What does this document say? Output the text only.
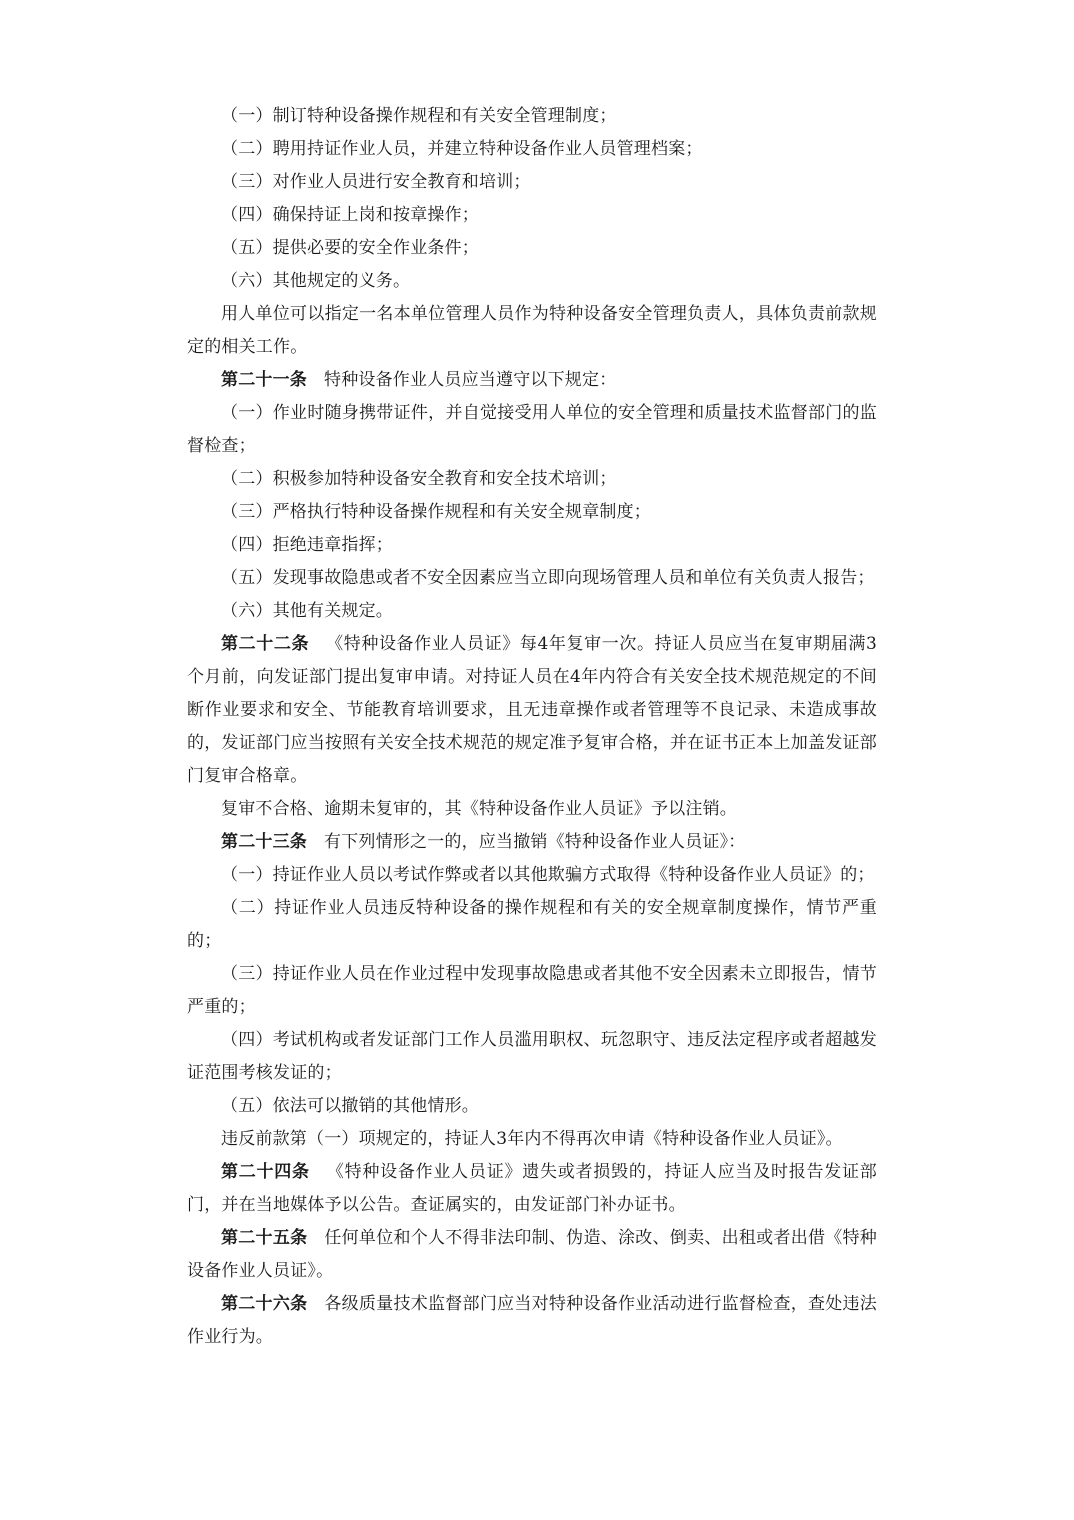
（一）制订特种设备操作规程和有关安全管理制度；

（二）聘用持证作业人员，并建立特种设备作业人员管理档案；

（三）对作业人员进行安全教育和培训；

（四）确保持证上岗和按章操作；

（五）提供必要的安全作业条件；

（六）其他规定的义务。

用人单位可以指定一名本单位管理人员作为特种设备安全管理负责人，具体负责前款规定的相关工作。

第二十一条 特种设备作业人员应当遵守以下规定：

（一）作业时随身携带证件，并自觉接受用人单位的安全管理和质量技术监督部门的监督检查；

（二）积极参加特种设备安全教育和安全技术培训；

（三）严格执行特种设备操作规程和有关安全规章制度；

（四）拒绝违章指挥；

（五）发现事故隐患或者不安全因素应当立即向现场管理人员和单位有关负责人报告；

（六）其他有关规定。

第二十二条 《特种设备作业人员证》每4年复审一次。持证人员应当在复审期届满3个月前，向发证部门提出复审申请。对持证人员在4年内符合有关安全技术规范规定的不间断作业要求和安全、节能教育培训要求，且无违章操作或者管理等不良记录、未造成事故的，发证部门应当按照有关安全技术规范的规定准予复审合格，并在证书正本上加盖发证部门复审合格章。

复审不合格、逾期未复审的，其《特种设备作业人员证》予以注销。

第二十三条 有下列情形之一的，应当撤销《特种设备作业人员证》：

（一）持证作业人员以考试作弊或者以其他欺骗方式取得《特种设备作业人员证》的；

（二）持证作业人员违反特种设备的操作规程和有关的安全规章制度操作，情节严重的；

（三）持证作业人员在作业过程中发现事故隐患或者其他不安全因素未立即报告，情节严重的；

（四）考试机构或者发证部门工作人员滥用职权、玩忽职守、违反法定程序或者超越发证范围考核发证的；

（五）依法可以撤销的其他情形。

违反前款第（一）项规定的，持证人3年内不得再次申请《特种设备作业人员证》。

第二十四条 《特种设备作业人员证》遗失或者损毁的，持证人应当及时报告发证部门，并在当地媒体予以公告。查证属实的，由发证部门补办证书。

第二十五条 任何单位和个人不得非法印制、伪造、涂改、倒卖、出租或者出借《特种设备作业人员证》。

第二十六条 各级质量技术监督部门应当对特种设备作业活动进行监督检查，查处违法作业行为。
